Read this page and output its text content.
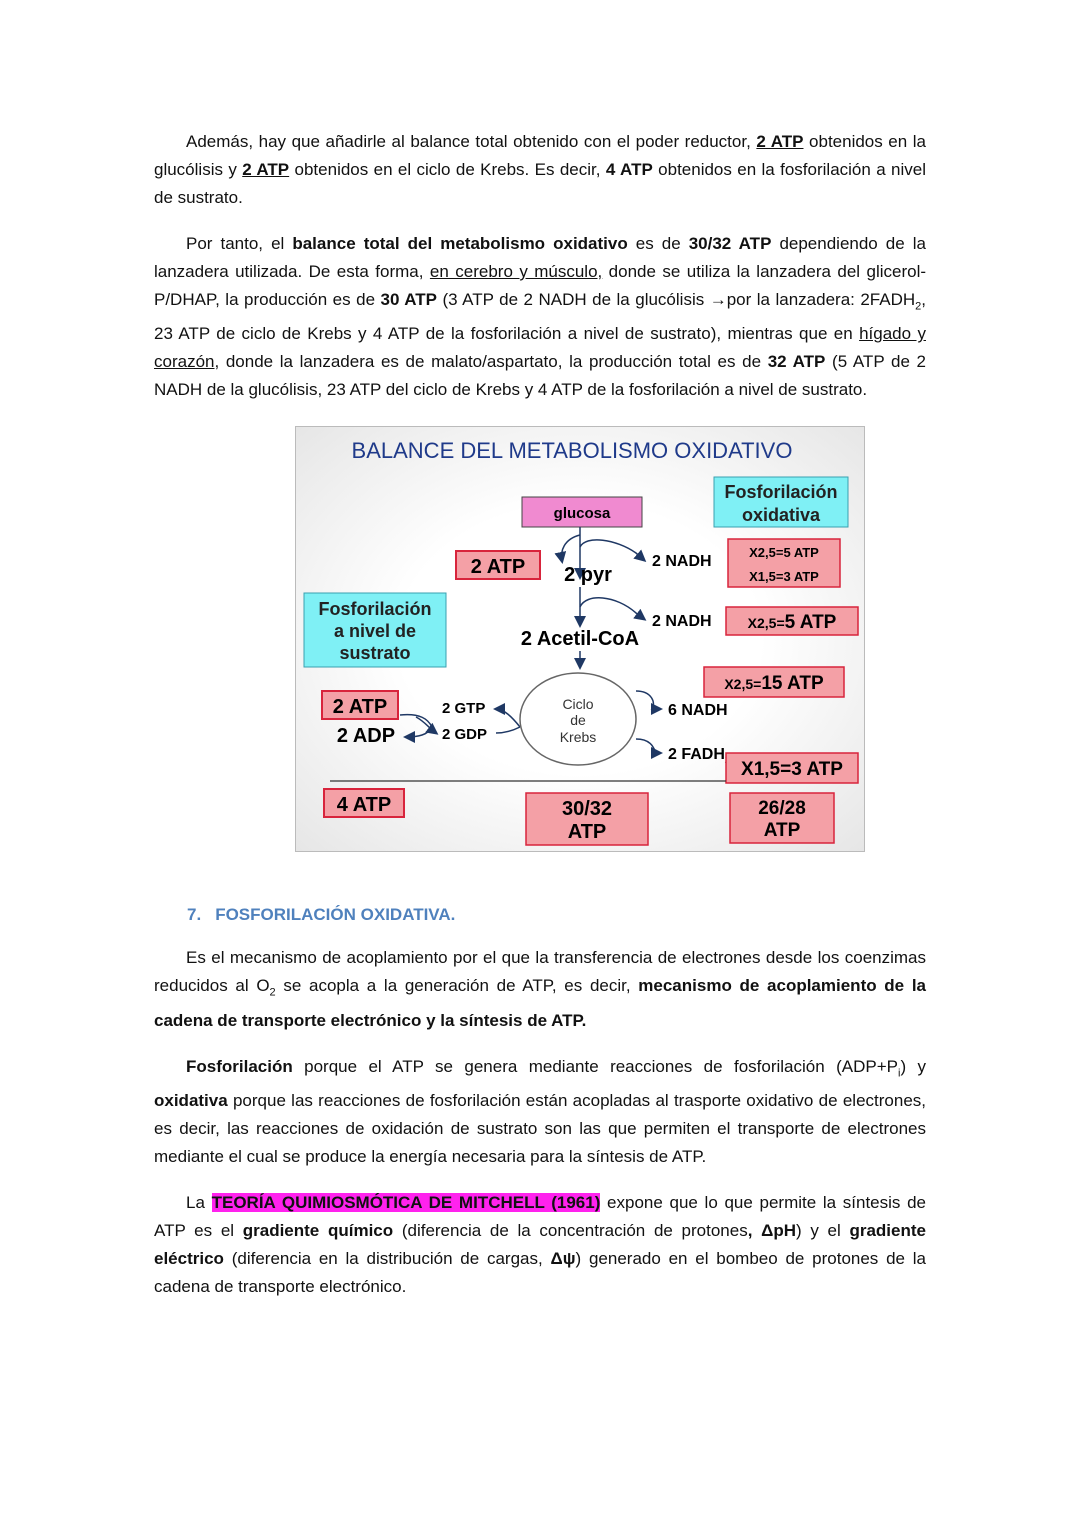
Además, hay que añadirle al balance total obtenido con el poder reductor, 2 ATP obtenidos en la glucólisis y 2 ATP obtenidos en el ciclo de Krebs. Es decir, 4 ATP obtenidos en la fosforilación a nivel de sustrato.

Por tanto, el balance total del metabolismo oxidativo es de 30/32 ATP dependiendo de la lanzadera utilizada. De esta forma, en cerebro y músculo, donde se utiliza la lanzadera del glicerol-P/DHAP, la producción es de 30 ATP (3 ATP de 2 NADH de la glucólisis →por la lanzadera: $2FADH_2$, 23 ATP de ciclo de Krebs y 4 ATP de la fosforilación a nivel de sustrato), mientras que en hígado y corazón, donde la lanzadera es de malato/aspartato, la producción total es de 32 ATP (5 ATP de 2 NADH de la glucólisis, 23 ATP del ciclo de Krebs y 4 ATP de la fosforilación a nivel de sustrato.

BALANCE DEL METABOLISMO OXIDATIVO
glucosa
Fosforilación
oxidativa
2 ATP 2 pyr
2 NADH
X2,5=5 ATP
X1,5=3 ATP
Fosforilación
a nivel de
sustrato
2 NADH	X2,5=5 ATP
2 Acetil-CoA
X2,5=15 ATP
2 ATP
2 ADP
2 GTP
2 GDP
Ciclo
de
Krebs
6 NADH
2 FADH
X1,5=3 ATP
4 ATP	30/32
ATP
26/28
ATP
7. FOSFORILACIÓN OXIDATIVA.

Es el mecanismo de acoplamiento por el que la transferencia de electrones desde los coenzimas reducidos al $O_2$ se acopla a la generación de ATP, es decir, mecanismo de acoplamiento de la cadena de transporte electrónico y la síntesis de ATP.

Fosforilación porque el ATP se genera mediante reacciones de fosforilación $(ADP+P_i)$ y oxidativa porque las reacciones de fosforilación están acopladas al trasporte oxidativo de electrones, es decir, las reacciones de oxidación de sustrato son las que permiten el transporte de electrones mediante el cual se produce la energía necesaria para la síntesis de ATP.

La TEORÍA QUIMIOSMÓTICA DE MITCHELL (1961) expone que lo que permite la síntesis de ATP es el gradiente químico (diferencia de la concentración de protones, ΔpH) y el gradiente eléctrico (diferencia en la distribución de cargas, Δψ) generado en el bombeo de protones de la cadena de transporte electrónico.
